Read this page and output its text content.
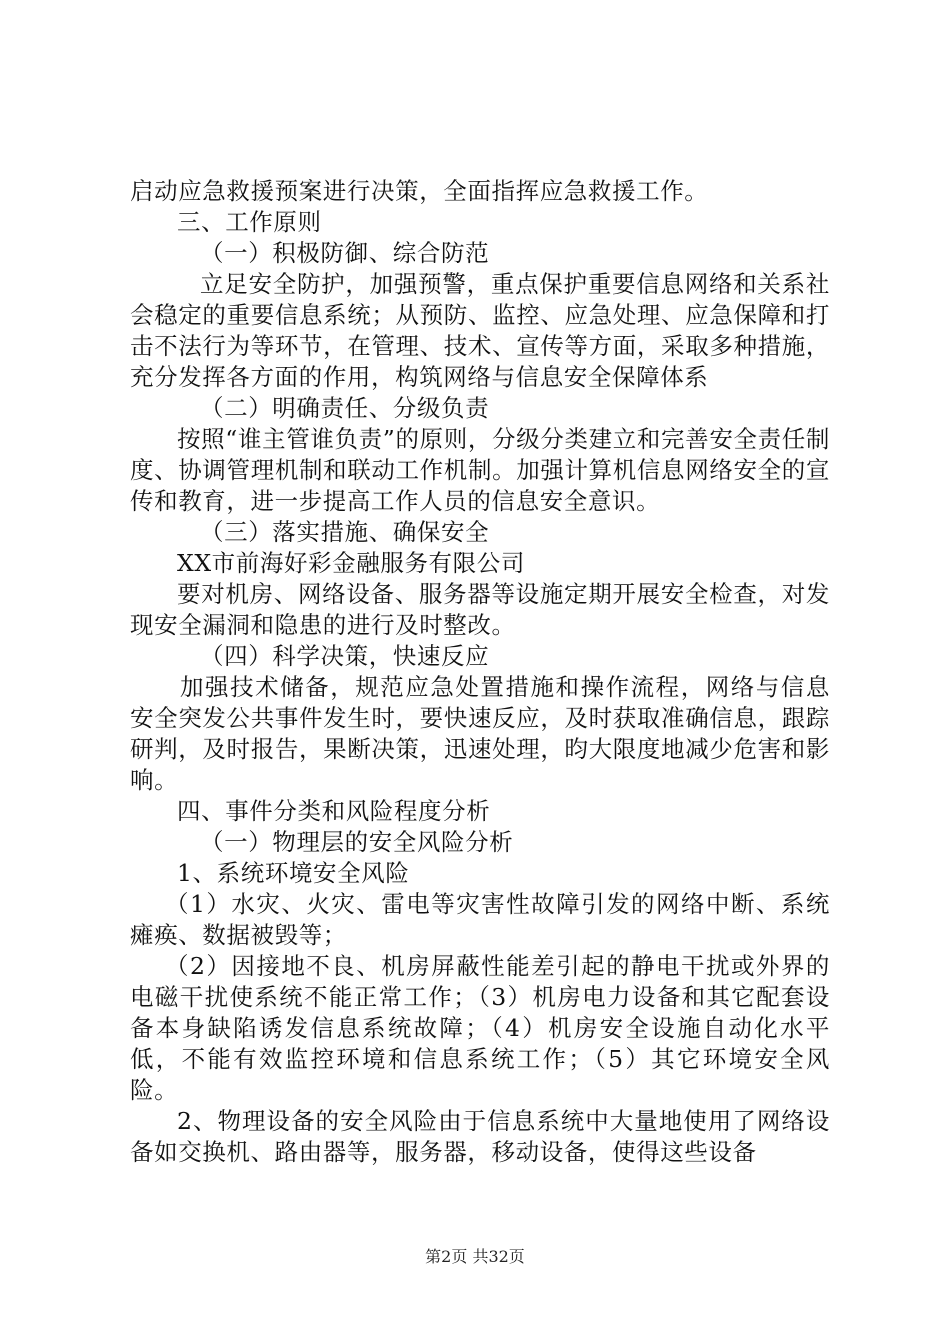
启动应急救援预案进行决策，全面指挥应急救援工作。

三、工作原则

（一）积极防御、综合防范

立足安全防护，加强预警，重点保护重要信息网络和关系社会稳定的重要信息系统；从预防、监控、应急处理、应急保障和打击不法行为等环节，在管理、技术、宣传等方面，采取多种措施，充分发挥各方面的作用，构筑网络与信息安全保障体系

（二）明确责任、分级负责

按照“谁主管谁负责”的原则，分级分类建立和完善安全责任制度、协调管理机制和联动工作机制。加强计算机信息网络安全的宣传和教育，进一步提高工作人员的信息安全意识。

（三）落实措施、确保安全

XX市前海好彩金融服务有限公司

要对机房、网络设备、服务器等设施定期开展安全检查，对发现安全漏洞和隐患的进行及时整改。

（四）科学决策，快速反应

加强技术储备，规范应急处置措施和操作流程，网络与信息安全突发公共事件发生时，要快速反应，及时获取准确信息，跟踪研判，及时报告，果断决策，迅速处理，昀大限度地减少危害和影响。

四、事件分类和风险程度分析

（一）物理层的安全风险分析

1、系统环境安全风险

（1）水灾、火灾、雷电等灾害性故障引发的网络中断、系统瘫痪、数据被毁等；

（2）因接地不良、机房屏蔽性能差引起的静电干扰或外界的电磁干扰使系统不能正常工作；（3）机房电力设备和其它配套设备本身缺陷诱发信息系统故障；（4）机房安全设施自动化水平低，不能有效监控环境和信息系统工作；（5）其它环境安全风险。

2、物理设备的安全风险由于信息系统中大量地使用了网络设备如交换机、路由器等，服务器，移动设备，使得这些设备

第2页 共32页
